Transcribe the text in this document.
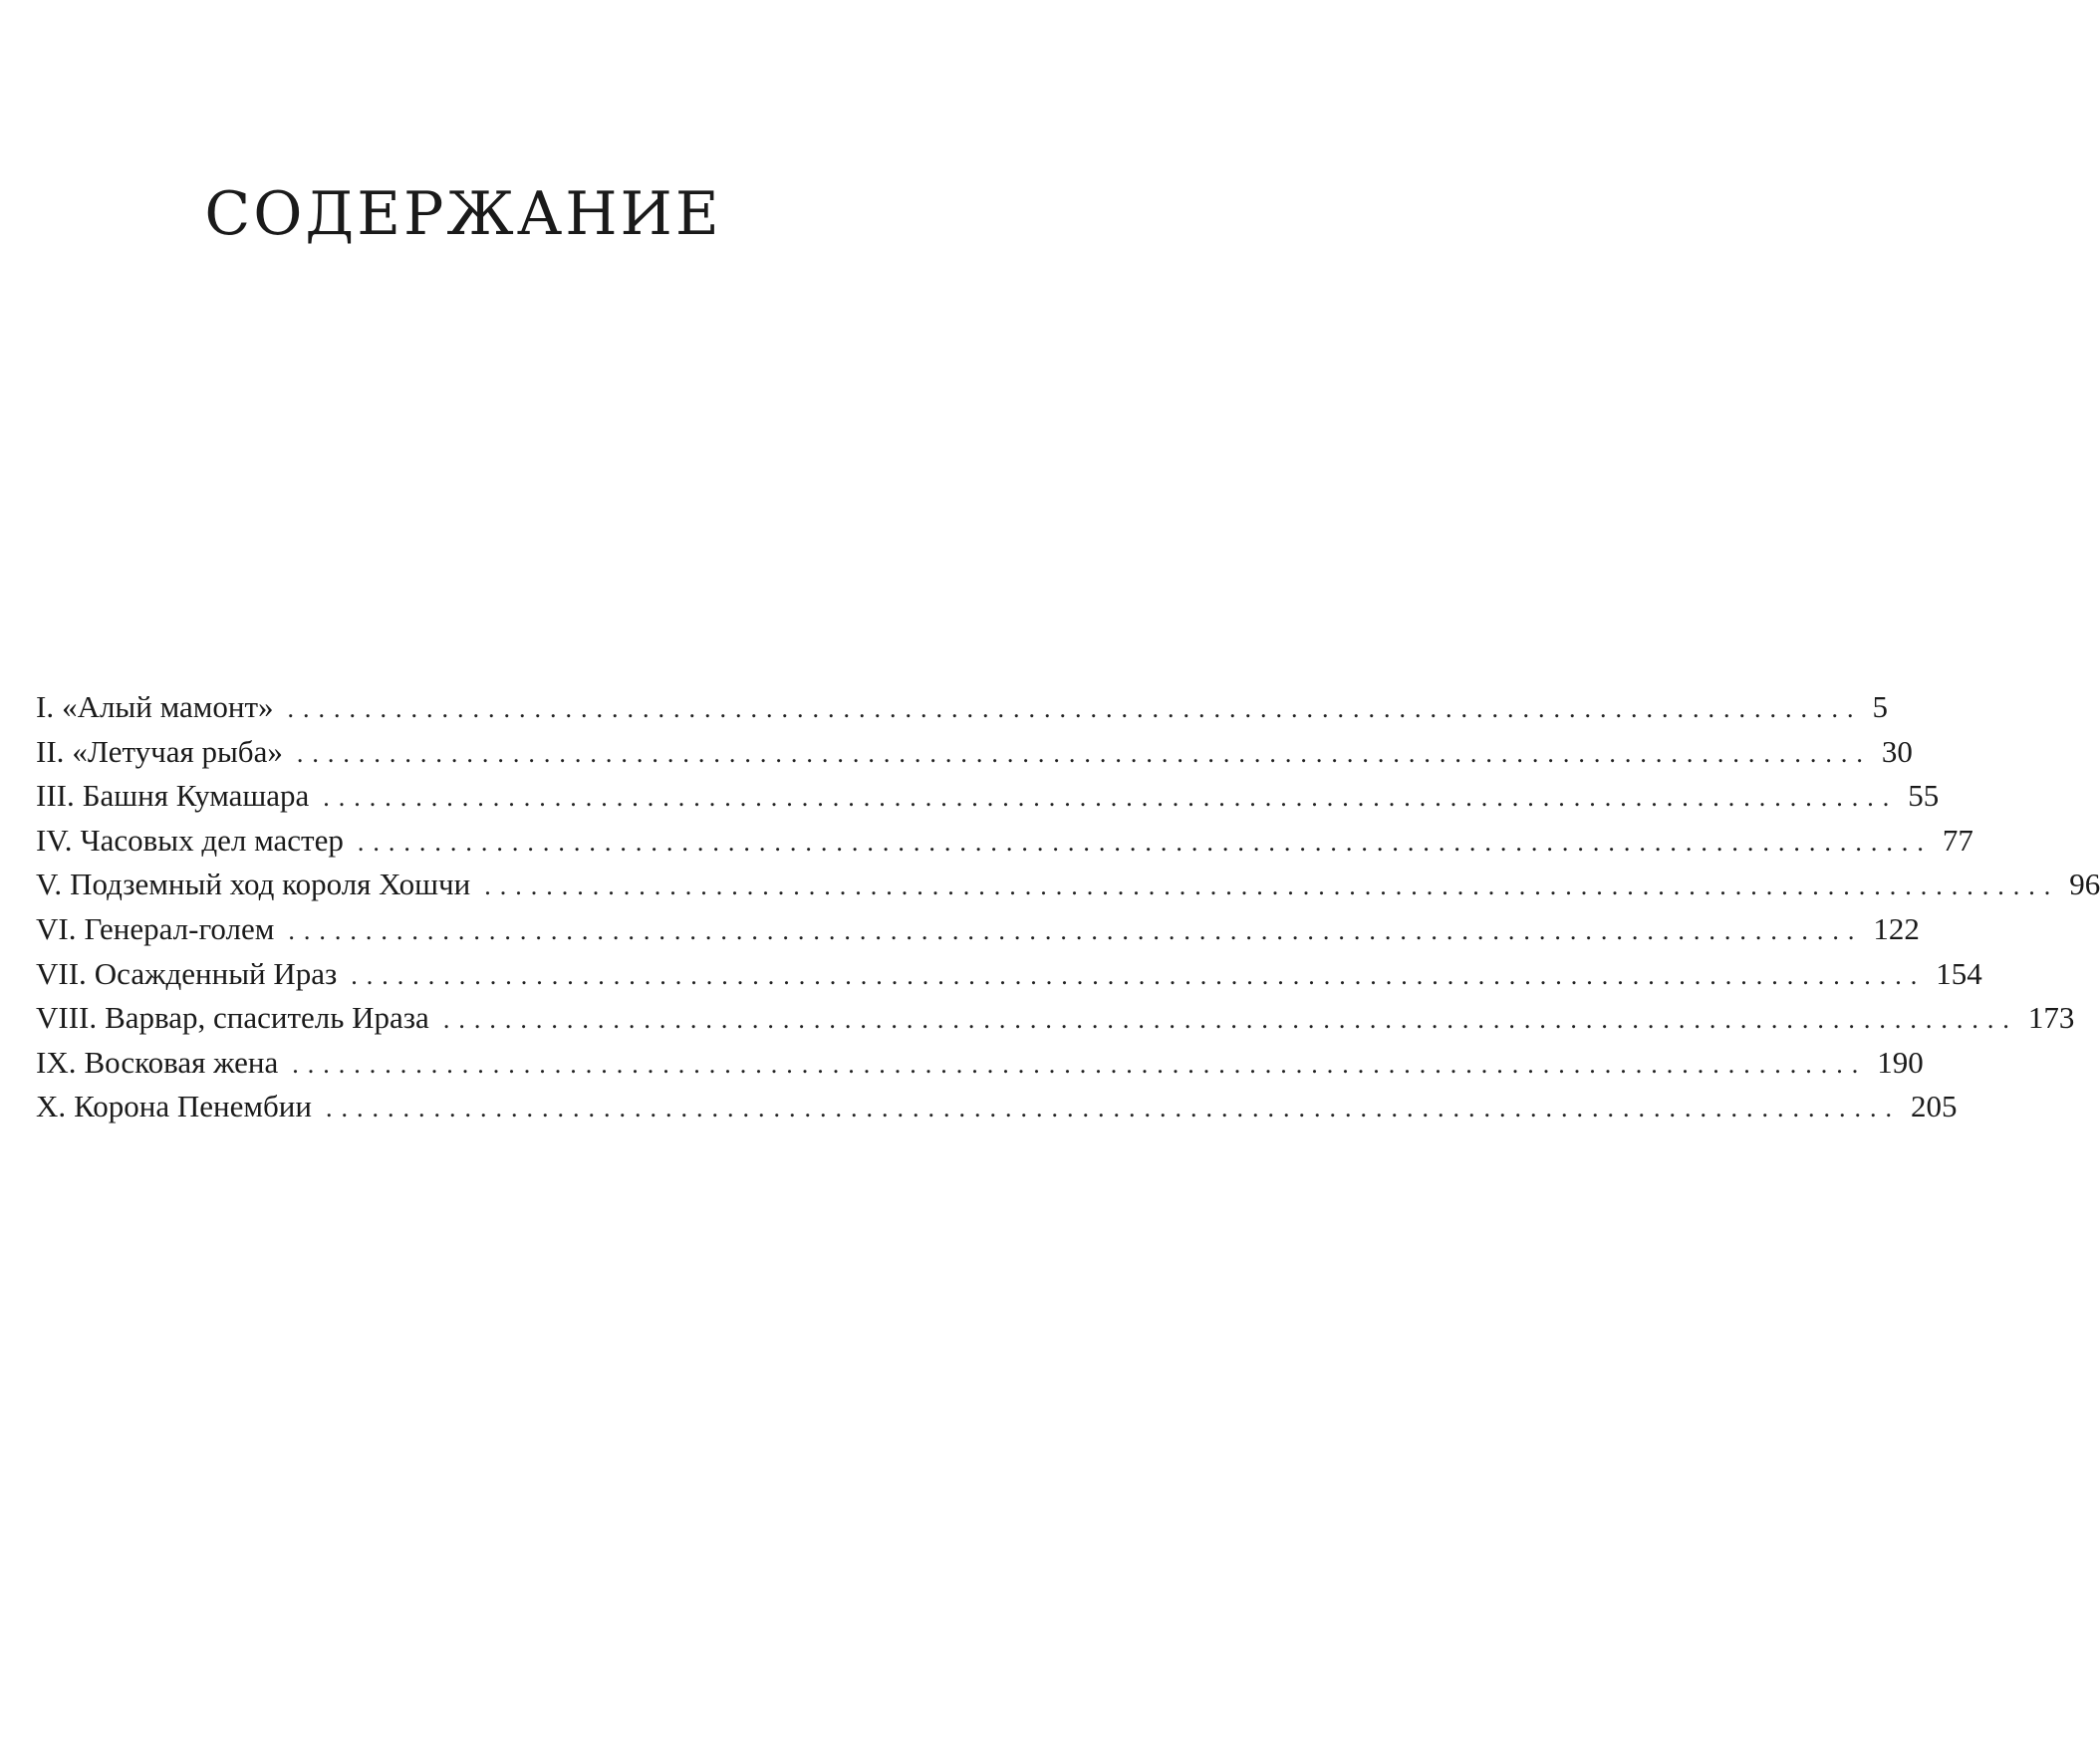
СОДЕРЖАНИЕ
I. «Алый мамонт» ...................................................................................................... 5
II. «Летучая рыба» ...................................................................................................... 30
III. Башня Кумашара ...................................................................................................... 55
IV. Часовых дел мастер ...................................................................................................... 77
V. Подземный ход короля Хошчи ...................................................................................................... 96
VI. Генерал-голем ...................................................................................................... 122
VII. Осажденный Ираз ...................................................................................................... 154
VIII. Варвар, спаситель Ираза ...................................................................................................... 173
IX. Восковая жена ...................................................................................................... 190
X. Корона Пенембии ...................................................................................................... 205
